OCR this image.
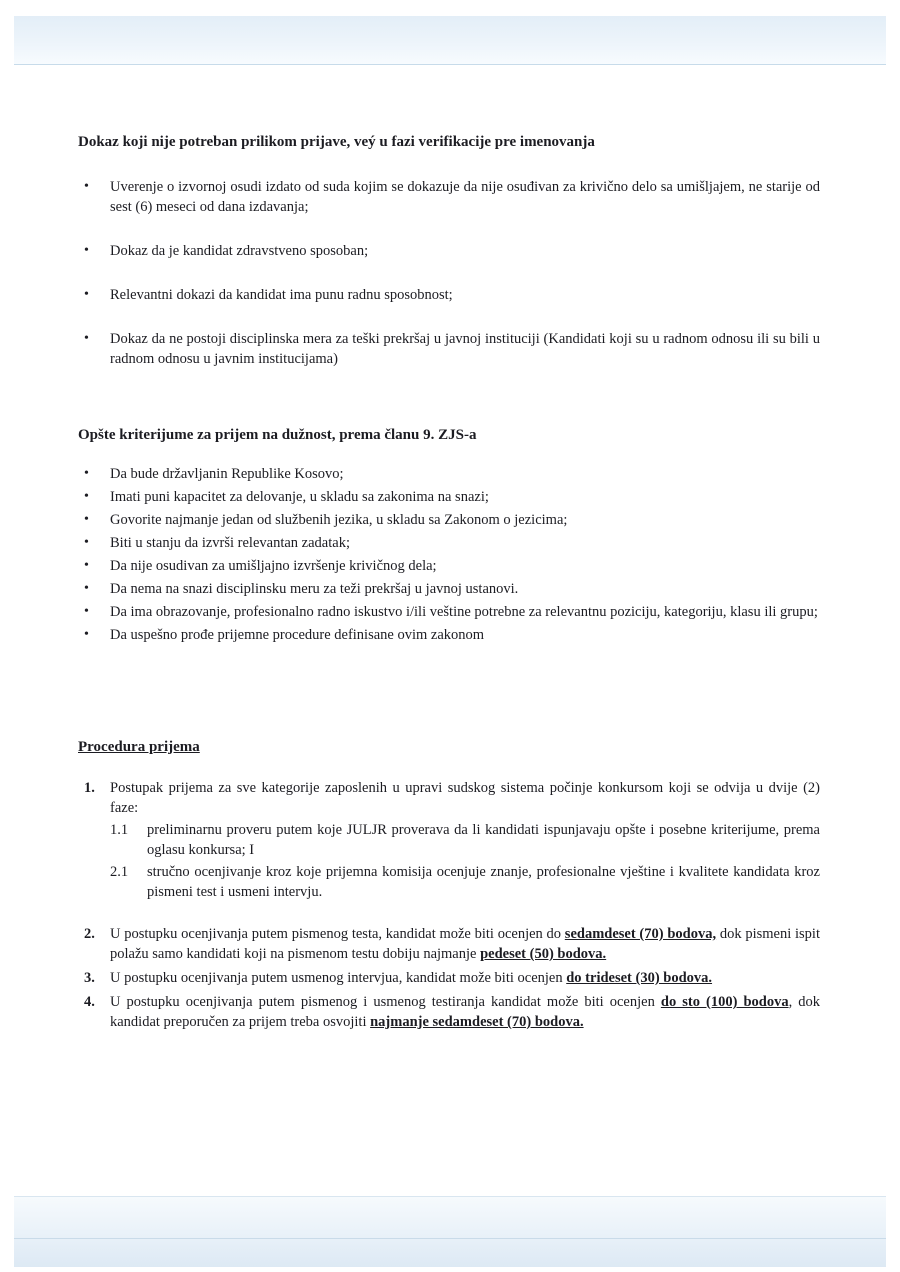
Dokaz koji nije potreban prilikom prijave, veý u fazi verifikacije pre imenovanja
• Uverenje o izvornoj osudi izdato od suda kojim se dokazuje da nije osuđivan za krivično delo sa umišljajem, ne starije od sest (6) meseci od dana izdavanja;
• Dokaz da je kandidat zdravstveno sposoban;
• Relevantni dokazi da kandidat ima punu radnu sposobnost;
• Dokaz da ne postoji disciplinska mera za teški prekršaj u javnoj instituciji (Kandidati koji su u radnom odnosu ili su bili u radnom odnosu u javnim institucijama)
Opšte kriterijume za prijem na dužnost, prema članu 9. ZJS-a
• Da bude državljanin Republike Kosovo;
• Imati puni kapacitet za delovanje, u skladu sa zakonima na snazi;
• Govorite najmanje jedan od službenih jezika, u skladu sa Zakonom o jezicima;
• Biti u stanju da izvrši relevantan zadatak;
• Da nije osudivan za umišljajno izvršenje krivičnog dela;
• Da nema na snazi disciplinsku meru za teži prekršaj u javnoj ustanovi.
• Da ima obrazovanje, profesionalno radno iskustvo i/ili veštine potrebne za relevantnu poziciju, kategoriju, klasu ili grupu;
• Da uspešno prođe prijemne procedure definisane ovim zakonom
Procedura prijema
1. Postupak prijema za sve kategorije zaposlenih u upravi sudskog sistema počinje konkursom koji se odvija u dvije (2) faze:
1.1 preliminarnu proveru putem koje JULJR proverava da li kandidati ispunjavaju opšte i posebne kriterijume, prema oglasu konkursa; I
2.1 stručno ocenjivanje kroz koje prijemna komisija ocenjuje znanje, profesionalne vještine i kvalitete kandidata kroz pismeni test i usmeni intervju.
2. U postupku ocenjivanja putem pismenog testa, kandidat može biti ocenjen do sedamdeset (70) bodova, dok pismeni ispit polažu samo kandidati koji na pismenom testu dobiju najmanje pedeset (50) bodova.
3. U postupku ocenjivanja putem usmenog intervjua, kandidat može biti ocenjen do trideset (30) bodova.
4. U postupku ocenjivanja putem pismenog i usmenog testiranja kandidat može biti ocenjen do sto (100) bodova, dok kandidat preporučen za prijem treba osvojiti najmanje sedamdeset (70) bodova.
